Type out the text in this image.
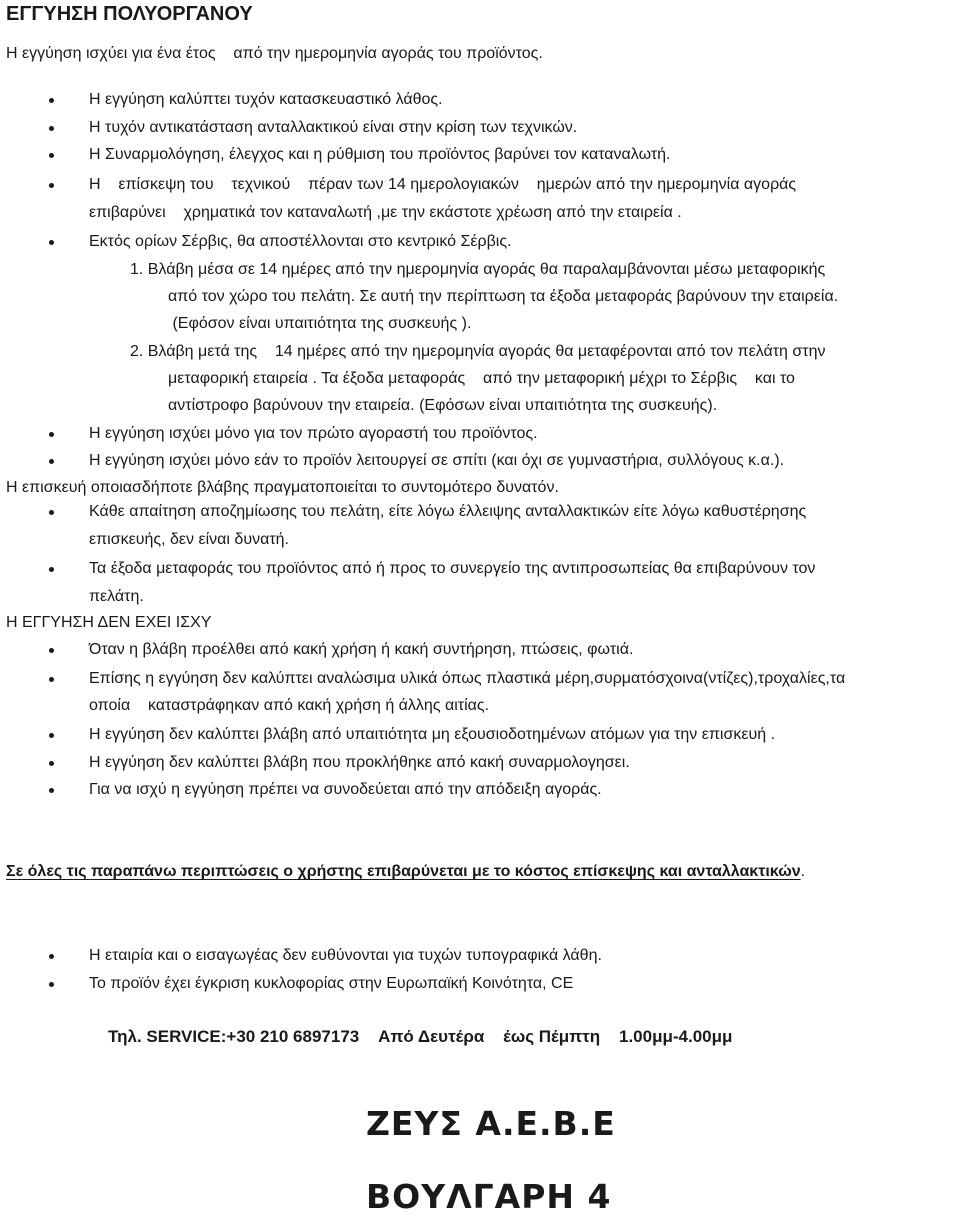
ΕΓΓΥΗΣΗ ΠΟΛΥΟΡΓΑΝΟΥ
Η εγγύηση ισχύει για ένα έτος    από την ημερομηνία αγοράς του προϊόντος.
Η εγγύηση καλύπτει τυχόν κατασκευαστικό λάθος.
Η τυχόν αντικατάσταση ανταλλακτικού είναι στην κρίση των τεχνικών.
Η Συναρμολόγηση, έλεγχος και η ρύθμιση του προϊόντος βαρύνει τον καταναλωτή.
Η    επίσκεψη του    τεχνικού    πέραν των 14 ημερολογιακών    ημερών από την ημερομηνία αγοράς
επιβαρύνει    χρηματικά τον καταναλωτή ,με την εκάστοτε χρέωση από την εταιρεία .
Εκτός ορίων Σέρβις, θα αποστέλλονται στο κεντρικό Σέρβις.
1. Βλάβη μέσα σε 14 ημέρες από την ημερομηνία αγοράς θα παραλαμβάνονται μέσω μεταφορικής
από τον χώρο του πελάτη. Σε αυτή την περίπτωση τα έξοδα μεταφοράς βαρύνουν την εταιρεία.
(Εφόσον είναι υπαιτιότητα της συσκευής ).
2. Βλάβη μετά της    14 ημέρες από την ημερομηνία αγοράς θα μεταφέρονται από τον πελάτη στην
μεταφορική εταιρεία . Τα έξοδα μεταφοράς    από την μεταφορική μέχρι το Σέρβις    και το
αντίστροφο βαρύνουν την εταιρεία. (Εφόσων είναι υπαιτιότητα της συσκευής).
Η εγγύηση ισχύει μόνο για τον πρώτο αγοραστή του προϊόντος.
Η εγγύηση ισχύει μόνο εάν το προϊόν λειτουργεί σε σπίτι (και όχι σε γυμναστήρια, συλλόγους κ.α.).
Η επισκευή οποιασδήποτε βλάβης πραγματοποιείται το συντομότερο δυνατόν.
Κάθε απαίτηση αποζημίωσης του πελάτη, είτε λόγω έλλειψης ανταλλακτικών είτε λόγω καθυστέρησης
επισκευής, δεν είναι δυνατή.
Τα έξοδα μεταφοράς του προϊόντος από ή προς το συνεργείο της αντιπροσωπείας θα επιβαρύνουν τον
πελάτη.
Η ΕΓΓΥΗΣΗ ΔΕΝ ΕΧΕΙ ΙΣΧΥ
Όταν η βλάβη προέλθει από κακή χρήση ή κακή συντήρηση, πτώσεις, φωτιά.
Επίσης η εγγύηση δεν καλύπτει αναλώσιμα υλικά όπως πλαστικά μέρη,συρματόσχοινα(ντίζες),τροχαλίες,τα
οποία    καταστράφηκαν από κακή χρήση ή άλλης αιτίας.
Η εγγύηση δεν καλύπτει βλάβη από υπαιτιότητα μη εξουσιοδοτημένων ατόμων για την επισκευή .
Η εγγύηση δεν καλύπτει βλάβη που προκλήθηκε από κακή συναρμολογησει.
Για να ισχύ η εγγύηση πρέπει να συνοδεύεται από την απόδειξη αγοράς.
Σε όλες τις παραπάνω περιπτώσεις ο χρήστης επιβαρύνεται με το κόστος επίσκεψης και ανταλλακτικών.
Η εταιρία και ο εισαγωγέας δεν ευθύνονται για τυχών τυπογραφικά λάθη.
Το προϊόν έχει έγκριση κυκλοφορίας στην Ευρωπαϊκή Κοινότητα, CE
Τηλ. SERVICE:+30 210 6897173    Από Δευτέρα    έως Πέμπτη    1.00μμ-4.00μμ
ΖΕΥΣ Α.Ε.Β.Ε
ΒΟΥΛΓΑΡΗ 4
